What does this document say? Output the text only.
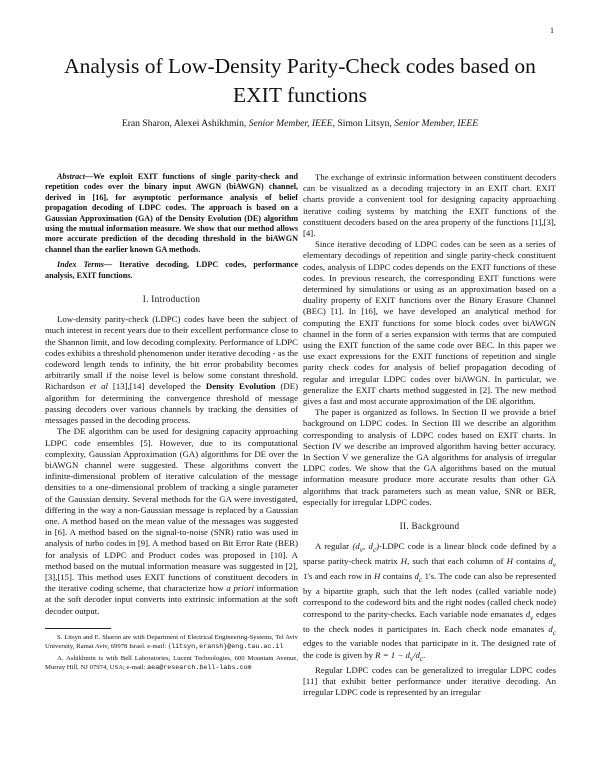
1
Analysis of Low-Density Parity-Check codes based on EXIT functions
Eran Sharon, Alexei Ashikhmin, Senior Member, IEEE, Simon Litsyn, Senior Member, IEEE

Abstract—We exploit EXIT functions of single parity-check and repetition codes over the binary input AWGN (biAWGN) channel, derived in [16], for asymptotic performance analysis of belief propagation decoding of LDPC codes. The approach is based on a Gaussian Approximation (GA) of the Density Evolution (DE) algorithm using the mutual information measure. We show that our method allows more accurate prediction of the decoding threshold in the biAWGN channel than the earlier known GA methods.

Index Terms— Iterative decoding, LDPC codes, performance analysis, EXIT functions.

I. Introduction

Low-density parity-check (LDPC) codes have been the subject of much interest in recent years due to their excellent performance close to the Shannon limit, and low decoding complexity. Performance of LDPC codes exhibits a threshold phenomenon under iterative decoding - as the codeword length tends to infinity, the bit error probability becomes arbitrarily small if the noise level is below some constant threshold. Richardson et al [13],[14] developed the Density Evolution (DE) algorithm for determining the convergence threshold of message passing decoders over various channels by tracking the densities of messages passed in the decoding process.

The DE algorithm can be used for designing capacity approaching LDPC code ensembles [5]. However, due to its computational complexity, Gaussian Approximation (GA) algorithms for DE over the biAWGN channel were suggested. These algorithms convert the infinite-dimensional problem of iterative calculation of the message densities to a one-dimensional problem of tracking a single parameter of the Gaussian density. Several methods for the GA were investigated, differing in the way a non-Gaussian message is replaced by a Gaussian one. A method based on the mean value of the messages was suggested in [6]. A method based on the signal-to-noise (SNR) ratio was used in analysis of turbo codes in [9]. A method based on Bit Error Rate (BER) for analysis of LDPC and Product codes was proposed in [10]. A method based on the mutual information measure was suggested in [2],[3],[15]. This method uses EXIT functions of constituent decoders in the iterative coding scheme, that characterize how a priori information at the soft decoder input converts into extrinsic information at the soft decoder output.

S. Litsyn and E. Sharon are with Department of Electrical Engineering-Systems, Tel Aviv University, Ramat Aviv, 69978 Israel. e-mail: {litsyn,eransh}@eng.tau.ac.il

A. Ashikhmin is with Bell Laboratories, Lucent Technologies, 600 Mountain Avenue, Murray Hill, NJ 07974, USA; e-mail: aea@research.bell-labs.com

The exchange of extrinsic information between constituent decoders can be visualized as a decoding trajectory in an EXIT chart. EXIT charts provide a convenient tool for designing capacity approaching iterative coding systems by matching the EXIT functions of the constituent decoders based on the area property of the functions [1],[3],[4].

Since iterative decoding of LDPC codes can be seen as a series of elementary decodings of repetition and single parity-check constituent codes, analysis of LDPC codes depends on the EXIT functions of these codes. In previous research, the corresponding EXIT functions were determined by simulations or using as an approximation based on a duality property of EXIT functions over the Binary Erasure Channel (BEC) [1]. In [16], we have developed an analytical method for computing the EXIT functions for some block codes over biAWGN channel in the form of a series expansion with terms that are computed using the EXIT function of the same code over BEC. In this paper we use exact expressions for the EXIT functions of repetition and single parity check codes for analysis of belief propagation decoding of regular and irregular LDPC codes over biAWGN. In particular, we generalize the EXIT charts method suggested in [2]. The new method gives a fast and most accurate approximation of the DE algorithm.

The paper is organized as follows. In Section II we provide a brief background on LDPC codes. In Section III we describe an algorithm corresponding to analysis of LDPC codes based on EXIT charts. In Section IV we describe an improved algorithm having better accuracy. In Section V we generalize the GA algorithms for analysis of irregular LDPC codes. We show that the GA algorithms based on the mutual information measure produce more accurate results than other GA algorithms that track parameters such as mean value, SNR or BER, especially for irregular LDPC codes.

II. Background

A regular ($d_v$, $d_c$)-LDPC code is a linear block code defined by a sparse parity-check matrix H, such that each column of H contains $d_v$ 1's and each row in H contains $d_c$ 1's. The code can also be represented by a bipartite graph, such that the left nodes (called variable node) correspond to the codeword bits and the right nodes (called check node) correspond to the parity-checks. Each variable node emanates $d_v$ edges to the check nodes it participates in. Each check node emanates $d_c$ edges to the variable nodes that participate in it. The designed rate of the code is given by $R = 1 - d_v/d_c$.

Regular LDPC codes can be generalized to irregular LDPC codes [11] that exhibit better performance under iterative decoding. An irregular LDPC code is represented by an irregular
